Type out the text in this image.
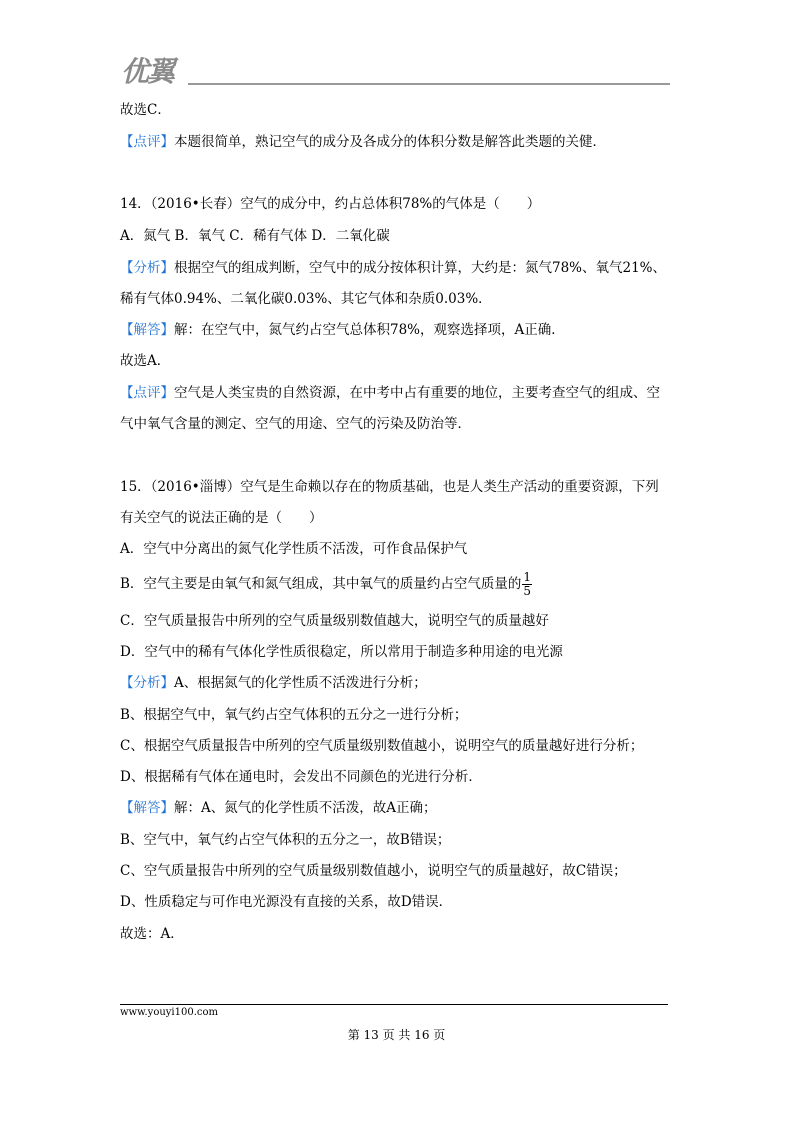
优翼
故选C．
【点评】本题很简单，熟记空气的成分及各成分的体积分数是解答此类题的关健．
14．（2016•长春）空气的成分中，约占总体积78%的气体是（　　）
A．氮气 B．氧气 C．稀有气体 D．二氧化碳
【分析】根据空气的组成判断，空气中的成分按体积计算，大约是：氮气78%、氧气21%、
稀有气体0.94%、二氧化碳0.03%、其它气体和杂质0.03%．
【解答】解：在空气中，氮气约占空气总体积78%，观察选择项，A正确．
故选A．
【点评】空气是人类宝贵的自然资源，在中考中占有重要的地位，主要考查空气的组成、空
气中氧气含量的测定、空气的用途、空气的污染及防治等．
15．（2016•淄博）空气是生命赖以存在的物质基础，也是人类生产活动的重要资源，下列
有关空气的说法正确的是（　　）
A．空气中分离出的氮气化学性质不活泼，可作食品保护气
B．空气主要是由氧气和氮气组成，其中氧气的质量约占空气质量的 $\frac{1}{5}$
C．空气质量报告中所列的空气质量级别数值越大，说明空气的质量越好
D．空气中的稀有气体化学性质很稳定，所以常用于制造多种用途的电光源
【分析】A、根据氮气的化学性质不活泼进行分析；
B、根据空气中，氧气约占空气体积的五分之一进行分析；
C、根据空气质量报告中所列的空气质量级别数值越小，说明空气的质量越好进行分析；
D、根据稀有气体在通电时，会发出不同颜色的光进行分析．
【解答】解：A、氮气的化学性质不活泼，故A正确；
B、空气中，氧气约占空气体积的五分之一，故B错误；
C、空气质量报告中所列的空气质量级别数值越小，说明空气的质量越好，故C错误；
D、性质稳定与可作电光源没有直接的关系，故D错误．
故选：A．
www.youyi100.com
第 13 页 共 16 页
